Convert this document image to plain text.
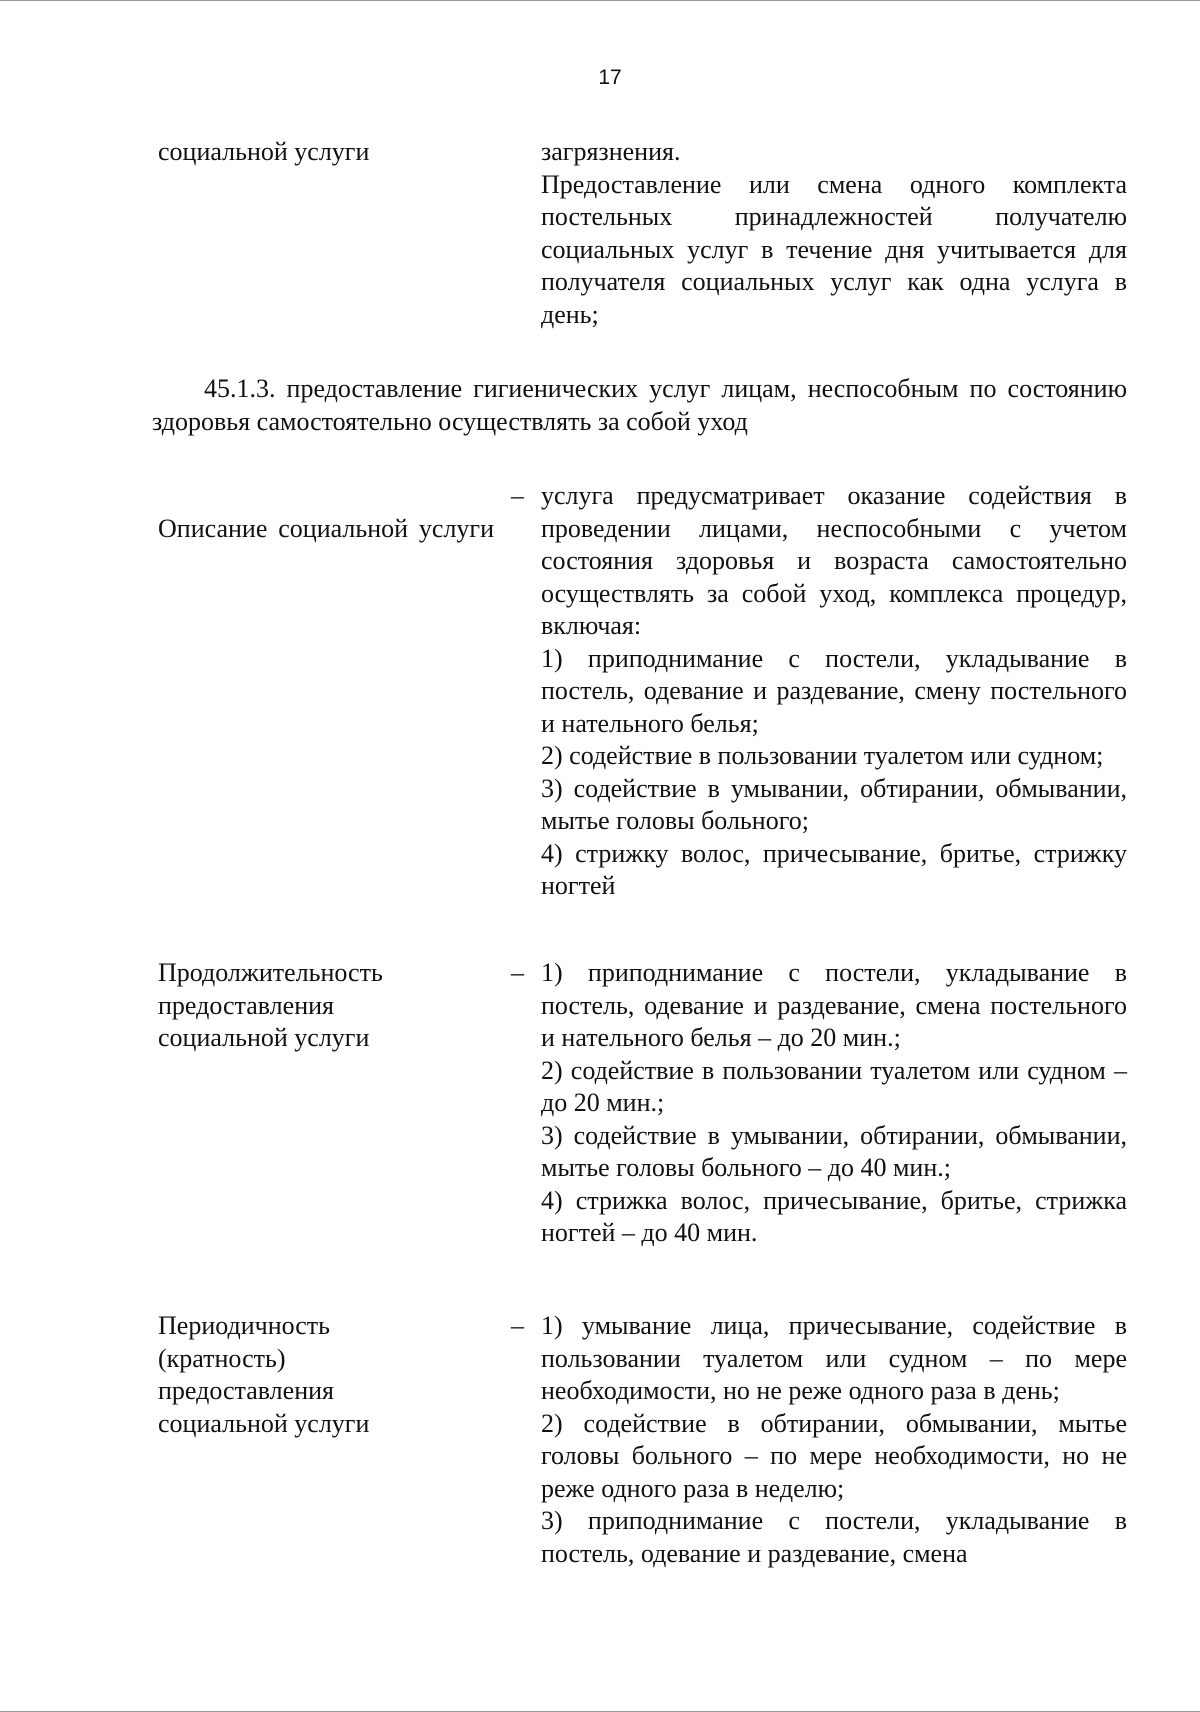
17
социальной услуги	загрязнения.

Предоставление или смена одного комплекта постельных принадлежностей получателю социальных услуг в течение дня учитывается для получателя социальных услуг как одна услуга в день;

45.1.3. предоставление гигиенических услуг лицам, неспособным по состоянию здоровья самостоятельно осуществлять за собой уход

Описание социальной услуги

– услуга предусматривает оказание содействия в проведении лицами, неспособными с учетом состояния здоровья и возраста самостоятельно осуществлять за собой уход, комплекса процедур, включая:

1) приподнимание с постели, укладывание в постель, одевание и раздевание, смену постельного и нательного белья;

2) содействие в пользовании туалетом или судном;

3) содействие в умывании, обтирании, обмывании, мытье головы больного;

4) стрижку волос, причесывание, бритье, стрижку ногтей

Продолжительность
предоставления
социальной услуги
– 1) приподнимание с постели, укладывание в постель, одевание и раздевание, смена постельного и нательного белья – до 20 мин.;

2) содействие в пользовании туалетом или судном – до 20 мин.;

3) содействие в умывании, обтирании, обмывании, мытье головы больного – до 40 мин.;

4) стрижка волос, причесывание, бритье, стрижка ногтей – до 40 мин.

Периодичность
(кратность)
предоставления
социальной услуги
– 1) умывание лица, причесывание, содействие в пользовании туалетом или судном – по мере необходимости, но не реже одного раза в день;

2) содействие в обтирании, обмывании, мытье головы больного – по мере необходимости, но не реже одного раза в неделю;

3) приподнимание с постели, укладывание в постель, одевание и раздевание, смена
